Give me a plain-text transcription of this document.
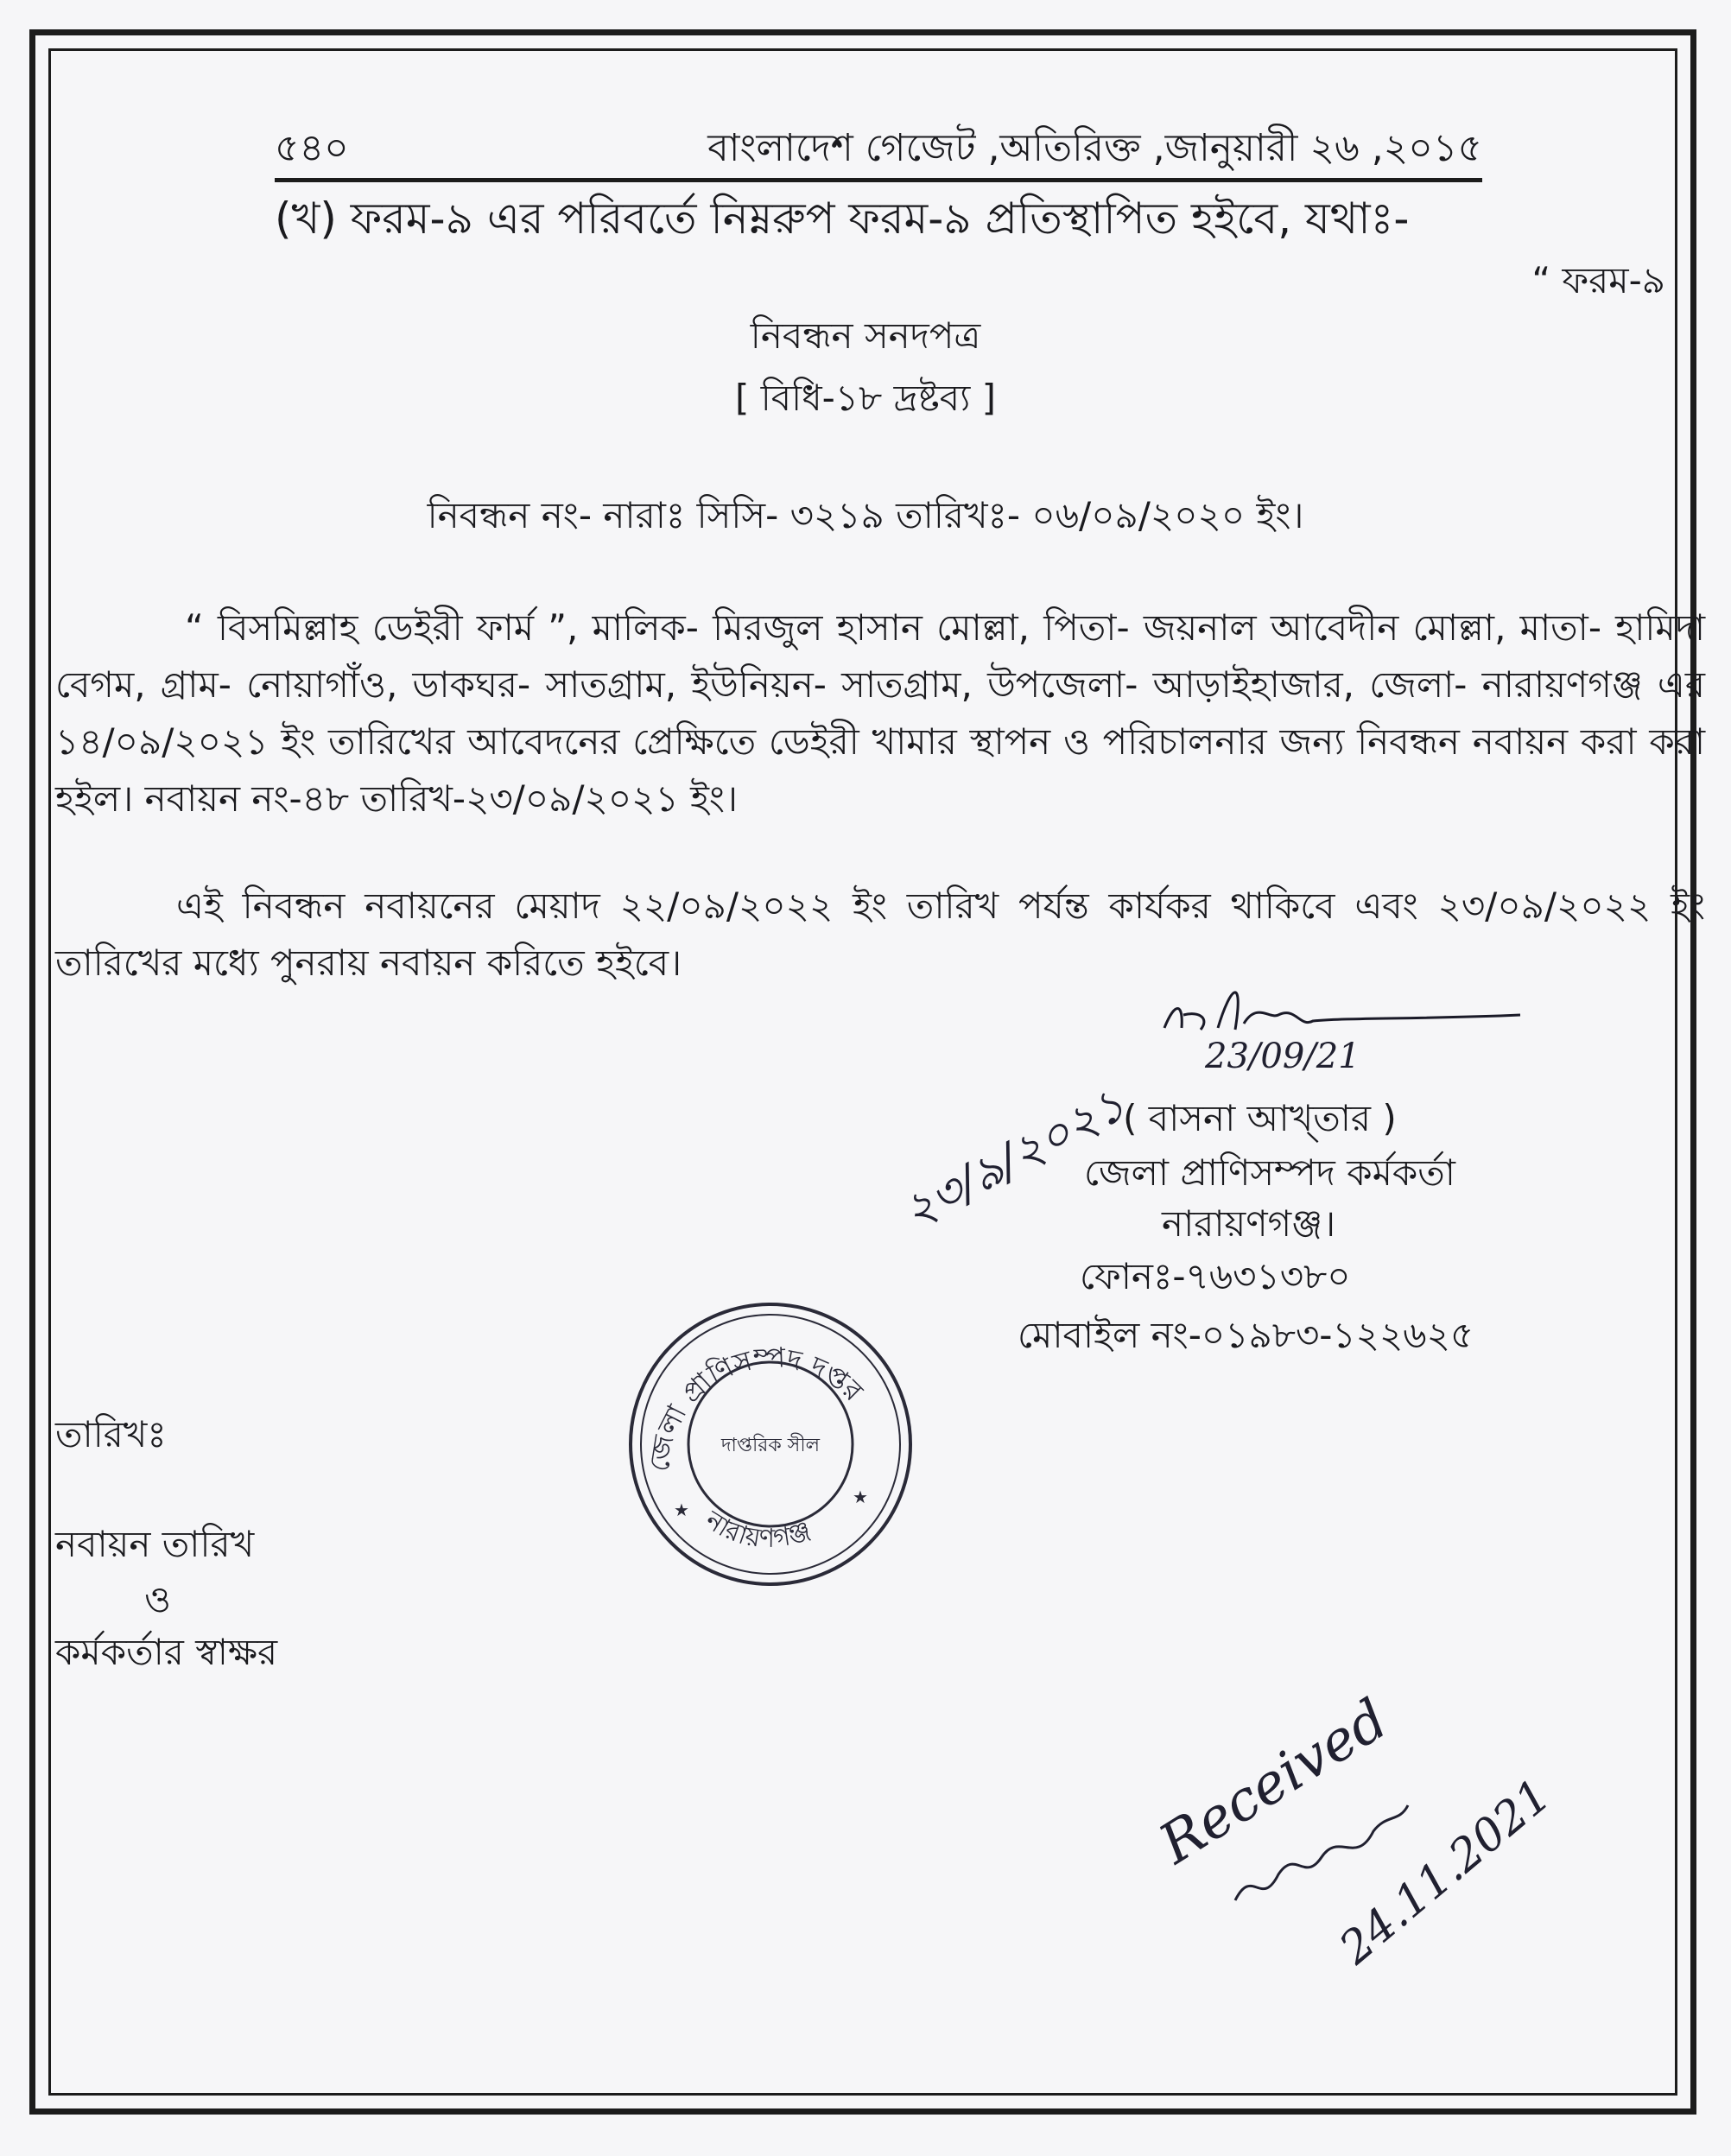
৫৪০	বাংলাদেশ গেজেট ,অতিরিক্ত ,জানুয়ারী ২৬ ,২০১৫
(খ) ফরম-৯ এর পরিবর্তে নিম্নরুপ ফরম-৯ প্রতিস্থাপিত হইবে, যথাঃ-
“ ফরম-৯
নিবন্ধন সনদপত্র
[ বিধি-১৮ দ্রষ্টব্য ]
নিবন্ধন নং- নারাঃ সিসি- ৩২১৯ তারিখঃ- ০৬/০৯/২০২০ ইং।
“ বিসমিল্লাহ ডেইরী ফার্ম ”, মালিক- মিরজুল হাসান মোল্লা, পিতা- জয়নাল আবেদীন মোল্লা, মাতা- হামিদা বেগম, গ্রাম- নোয়াগাঁও, ডাকঘর- সাতগ্রাম, ইউনিয়ন- সাতগ্রাম, উপজেলা- আড়াইহাজার, জেলা- নারায়ণগঞ্জ এর ১৪/০৯/২০২১ ইং তারিখের আবেদনের প্রেক্ষিতে ডেইরী খামার স্থাপন ও পরিচালনার জন্য নিবন্ধন নবায়ন করা করা হইল। নবায়ন নং-৪৮ তারিখ-২৩/০৯/২০২১ ইং।
এই নিবন্ধন নবায়নের মেয়াদ ২২/০৯/২০২২ ইং তারিখ পর্যন্ত কার্যকর থাকিবে এবং ২৩/০৯/২০২২ ইং তারিখের মধ্যে পুনরায় নবায়ন করিতে হইবে।
23/09/21
( বাসনা আখ্তার )
জেলা প্রাণিসম্পদ কর্মকর্তা
নারায়ণগঞ্জ।
ফোনঃ-৭৬৩১৩৮০
মোবাইল নং-০১৯৮৩-১২২৬২৫
২৩/৯/২০২১
জেলা প্রাণিসম্পদ দপ্তর
নারায়ণগঞ্জ
দাপ্তরিক সীল
★
★
তারিখঃ
নবায়ন তারিখ
ও
কর্মকর্তার স্বাক্ষর
Received
24.11.2021
